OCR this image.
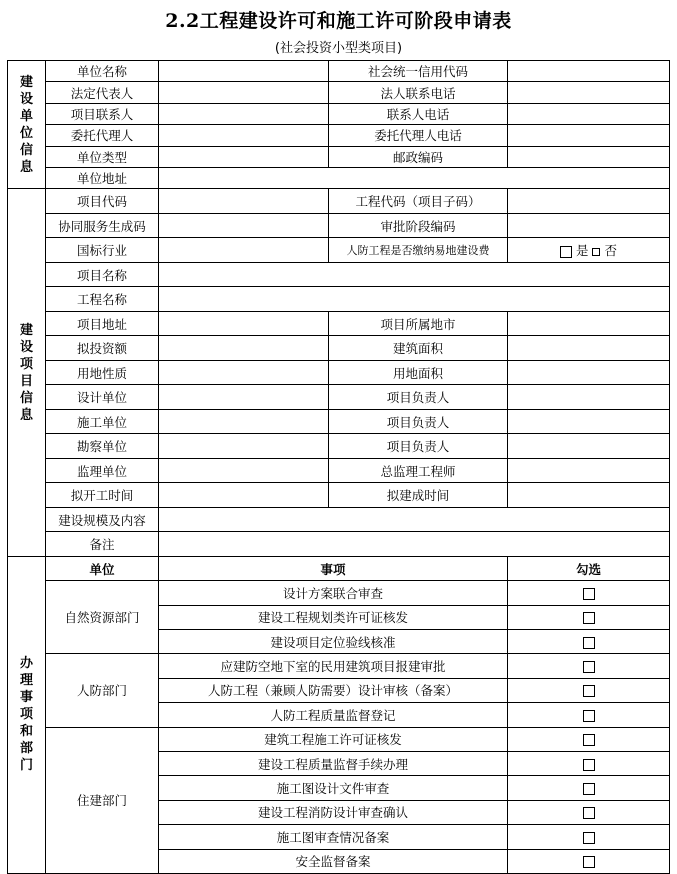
2.2工程建设许可和施工许可阶段申请表
(社会投资小型类项目)
建设单位信息	单位名称		社会统一信用代码	
	法定代表人		法人联系电话	
	项目联系人		联系人电话	
	委托代理人		委托代理人电话	
	单位类型		邮政编码	
	单位地址			
建设项目信息	项目代码		工程代码（项目子码）	
	协同服务生成码		审批阶段编码	
	国标行业		人防工程是否缴纳易地建设费	是 否
	项目名称			
	工程名称			
	项目地址		项目所属地市	
	拟投资额		建筑面积	
	用地性质		用地面积	
	设计单位		项目负责人	
	施工单位		项目负责人	
	勘察单位		项目负责人	
	监理单位		总监理工程师	
	拟开工时间		拟建成时间	
	建设规模及内容			
	备注			
办理事项和部门	单位	事项		勾选
	自然资源部门	设计方案联合审查		
		建设工程规划类许可证核发		
		建设项目定位验线核准		
	人防部门	应建防空地下室的民用建筑项目报建审批		
		人防工程（兼顾人防需要）设计审核（备案）		
		人防工程质量监督登记		
	住建部门	建筑工程施工许可证核发		
		建设工程质量监督手续办理		
		施工图设计文件审查		
		建设工程消防设计审查确认		
		施工图审查情况备案		
		安全监督备案		
